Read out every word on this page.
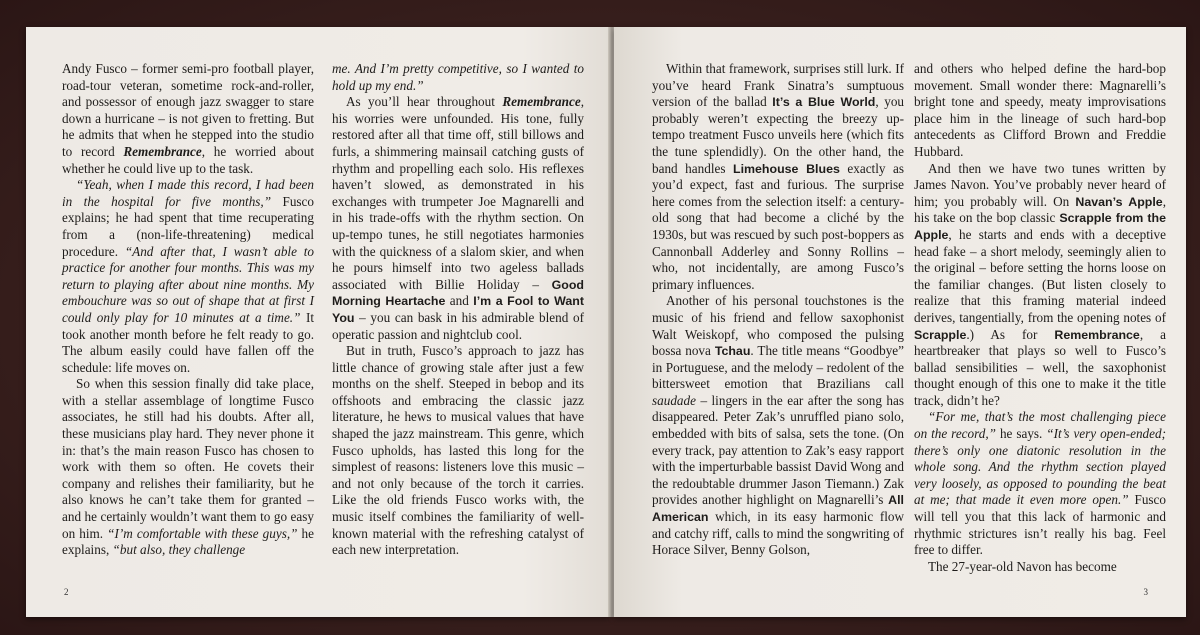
Andy Fusco – former semi-pro football player, road-tour veteran, sometime rock-and-roller, and possessor of enough jazz swagger to stare down a hurricane – is not given to fretting. But he admits that when he stepped into the studio to record Remembrance, he worried about whether he could live up to the task.

“Yeah, when I made this record, I had been in the hospital for five months,” Fusco explains; he had spent that time recuperating from a (non-life-threatening) medical procedure. “And after that, I wasn’t able to practice for another four months. This was my return to playing after about nine months. My embouchure was so out of shape that at first I could only play for 10 minutes at a time.” It took another month before he felt ready to go. The album easily could have fallen off the schedule: life moves on.

So when this session finally did take place, with a stellar assemblage of longtime Fusco associates, he still had his doubts. After all, these musicians play hard. They never phone it in: that’s the main reason Fusco has chosen to work with them so often. He covets their company and relishes their familiarity, but he also knows he can’t take them for granted – and he certainly wouldn’t want them to go easy on him. “I’m comfortable with these guys,” he explains, “but also, they challenge

me. And I’m pretty competitive, so I wanted to hold up my end.”

As you’ll hear throughout Remembrance, his worries were unfounded. His tone, fully restored after all that time off, still billows and furls, a shimmering mainsail catching gusts of rhythm and propelling each solo. His reflexes haven’t slowed, as demonstrated in his exchanges with trumpeter Joe Magnarelli and in his trade-offs with the rhythm section. On up-tempo tunes, he still negotiates harmonies with the quickness of a slalom skier, and when he pours himself into two ageless ballads associated with Billie Holiday – Good Morning Heartache and I’m a Fool to Want You – you can bask in his admirable blend of operatic passion and nightclub cool.

But in truth, Fusco’s approach to jazz has little chance of growing stale after just a few months on the shelf. Steeped in bebop and its offshoots and embracing the classic jazz literature, he hews to musical values that have shaped the jazz mainstream. This genre, which Fusco upholds, has lasted this long for the simplest of reasons: listeners love this music – and not only because of the torch it carries. Like the old friends Fusco works with, the music itself combines the familiarity of well-known material with the refreshing catalyst of each new interpretation.

2

Within that framework, surprises still lurk. If you’ve heard Frank Sinatra’s sumptuous version of the ballad It’s a Blue World, you probably weren’t expecting the breezy up-tempo treatment Fusco unveils here (which fits the tune splendidly). On the other hand, the band handles Limehouse Blues exactly as you’d expect, fast and furious. The surprise here comes from the selection itself: a century-old song that had become a cliché by the 1930s, but was rescued by such post-boppers as Cannonball Adderley and Sonny Rollins – who, not incidentally, are among Fusco’s primary influences.

Another of his personal touchstones is the music of his friend and fellow saxophonist Walt Weiskopf, who composed the pulsing bossa nova Tchau. The title means “Goodbye” in Portuguese, and the melody – redolent of the bittersweet emotion that Brazilians call saudade – lingers in the ear after the song has disappeared. Peter Zak’s unruffled piano solo, embedded with bits of salsa, sets the tone. (On every track, pay attention to Zak’s easy rapport with the imperturbable bassist David Wong and the redoubtable drummer Jason Tiemann.) Zak provides another highlight on Magnarelli’s All American which, in its easy harmonic flow and catchy riff, calls to mind the songwriting of Horace Silver, Benny Golson,

and others who helped define the hard-bop movement. Small wonder there: Magnarelli’s bright tone and speedy, meaty improvisations place him in the lineage of such hard-bop antecedents as Clifford Brown and Freddie Hubbard.

And then we have two tunes written by James Navon. You’ve probably never heard of him; you probably will. On Navan’s Apple, his take on the bop classic Scrapple from the Apple, he starts and ends with a deceptive head fake – a short melody, seemingly alien to the original – before setting the horns loose on the familiar changes. (But listen closely to realize that this framing material indeed derives, tangentially, from the opening notes of Scrapple.) As for Remembrance, a heartbreaker that plays so well to Fusco’s ballad sensibilities – well, the saxophonist thought enough of this one to make it the title track, didn’t he?

“For me, that’s the most challenging piece on the record,” he says. “It’s very open-ended; there’s only one diatonic resolution in the whole song. And the rhythm section played very loosely, as opposed to pounding the beat at me; that made it even more open.” Fusco will tell you that this lack of harmonic and rhythmic strictures isn’t really his bag. Feel free to differ.

The 27-year-old Navon has become

3
